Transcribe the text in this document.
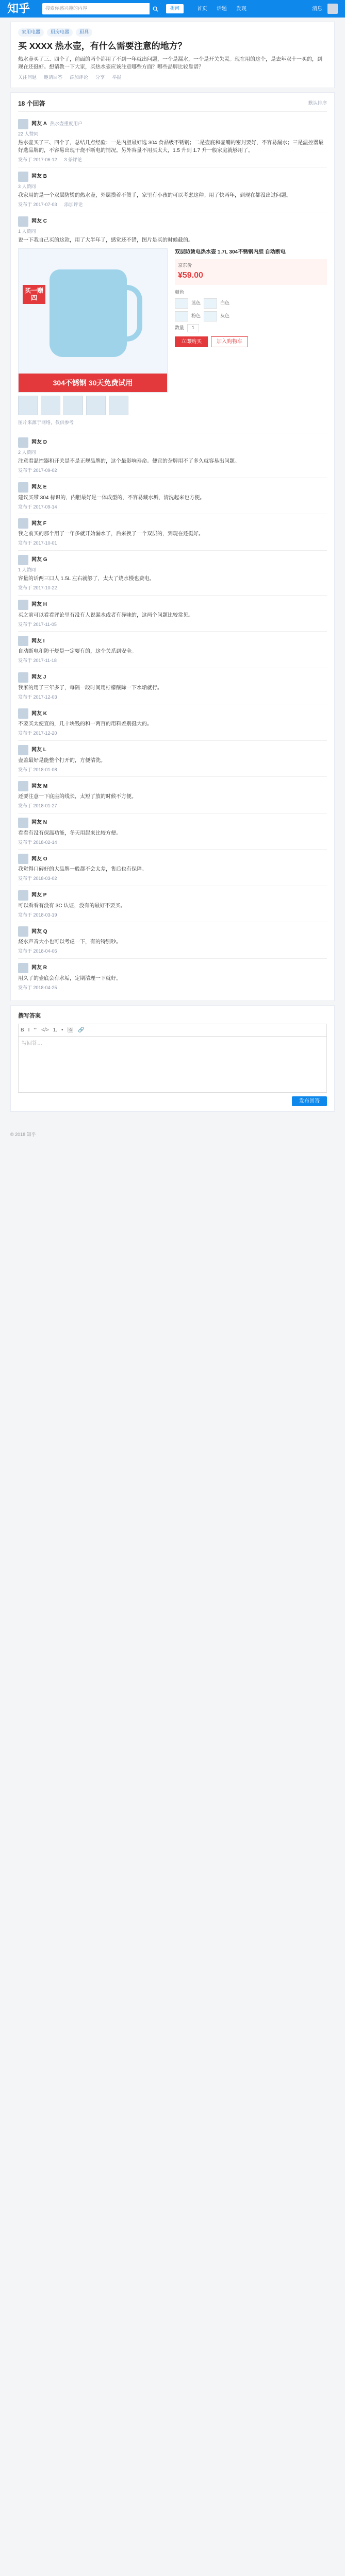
知乎	搜索你感兴趣的内容	提问	首页 话题 发现	消息
家用电器	厨房电器	厨具
买 XXXX 热水壶，有什么需要注意的地方？
热水壶买了三、四个了，前面的两个都用了不到一年就出问题，一个是漏水，一个是开关失灵。现在用的这个，是去年双十一买的，到现在还挺好。想请教一下大家，买热水壶应该注意哪些方面？哪些品牌比较靠谱？
关注问题 邀请回答 添加评论 分享 举报
18 个回答	默认排序
网友 A 热水壶重度用户
22 人赞同
热水壶买了三、四个了，总结几点经验：一是内胆最好选 304 食品级不锈钢；二是壶底和壶嘴的密封要好，不容易漏水；三是温控器最好选品牌的，不容易出现干烧不断电的情况。另外容量不用买太大，1.5 升到 1.7 升一般家庭就够用了。
发布于 2017-06-12 3 条评论
网友 B
3 人赞同
我家用的是一个双层防烫的热水壶，外层摸着不烫手，家里有小孩的可以考虑这种。用了快两年，到现在都没出过问题。
发布于 2017-07-03 添加评论
网友 C
1 人赞同
说一下我自己买的这款，用了大半年了，感觉还不错，图片是买的时候截的。
买一赠四
304不锈钢 30天免费试用
双层防烫电热水壶 1.7L 304不锈钢内胆 自动断电
京东价
¥59.00
颜色
蓝色	白色
粉色	灰色
数量	1
立即购买	加入购物车
图片来源于网络，仅供参考
网友 D
2 人赞同
注意看温控器和开关是不是正规品牌的，这个最影响寿命。便宜的杂牌用不了多久就容易出问题。
发布于 2017-09-02
网友 E
建议买带 304 标识的，内胆最好是一体成型的，不容易藏水垢，清洗起来也方便。
发布于 2017-09-14
网友 F
我之前买的那个用了一年多就开始漏水了，后来换了一个双层的，到现在还挺好。
发布于 2017-10-01
网友 G
1 人赞同
容量的话两三口人 1.5L 左右就够了，太大了烧水慢也费电。
发布于 2017-10-22
网友 H
买之前可以看看评论里有没有人说漏水或者有异味的，这两个问题比较常见。
发布于 2017-11-05
网友 I
自动断电和防干烧是一定要有的，这个关系到安全。
发布于 2017-11-18
网友 J
我家的用了三年多了，每隔一段时间用柠檬酸除一下水垢就行。
发布于 2017-12-03
网友 K
不要买太便宜的，几十块钱的和一两百的用料差别挺大的。
发布于 2017-12-20
网友 L
壶盖最好是能整个打开的，方便清洗。
发布于 2018-01-08
网友 M
还要注意一下底座的线长，太短了放的时候不方便。
发布于 2018-01-27
网友 N
看看有没有保温功能，冬天用起来比较方便。
发布于 2018-02-14
网友 O
我觉得口碑好的大品牌一般都不会太差，售后也有保障。
发布于 2018-03-02
网友 P
可以看看有没有 3C 认证，没有的最好不要买。
发布于 2018-03-19
网友 Q
烧水声音大小也可以考虑一下，有的特别吵。
发布于 2018-04-06
网友 R
用久了的壶底会有水垢，定期清理一下就好。
发布于 2018-04-25
撰写答案
B I “” </> 1. • 🖼 🔗
写回答…
发布回答
© 2018 知乎
